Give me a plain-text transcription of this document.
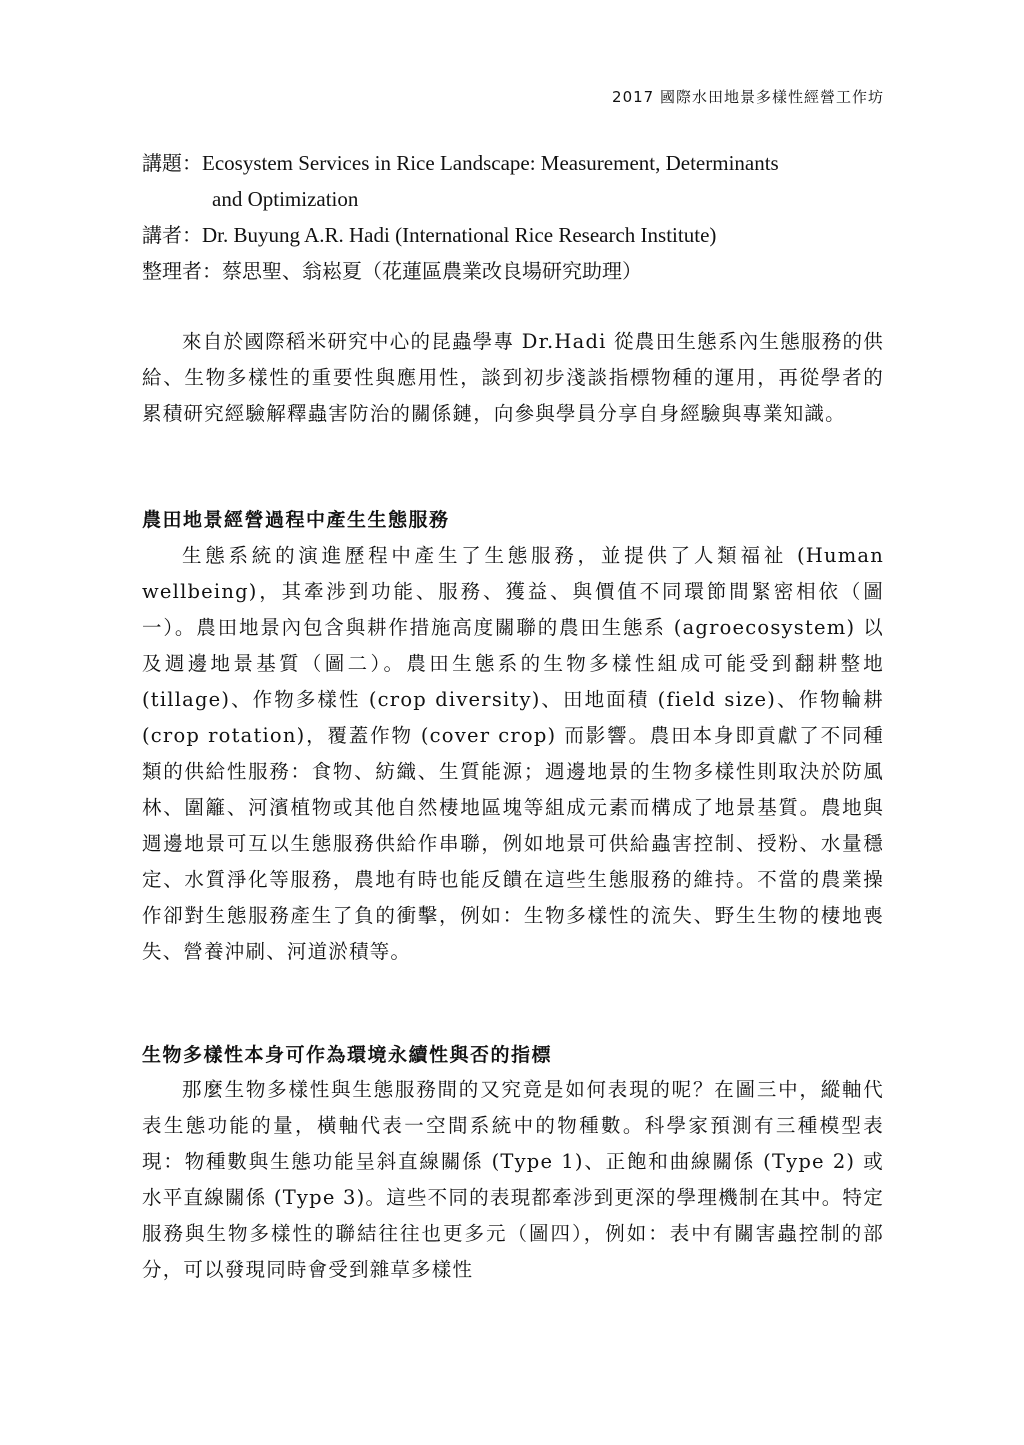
2017 國際水田地景多樣性經營工作坊
講題：Ecosystem Services in Rice Landscape: Measurement, Determinants
and Optimization
講者：Dr. Buyung A.R. Hadi (International Rice Research Institute)
整理者：蔡思聖、翁崧夏（花蓮區農業改良場研究助理）

來自於國際稻米研究中心的昆蟲學專 Dr.Hadi 從農田生態系內生態服務的供給、生物多樣性的重要性與應用性，談到初步淺談指標物種的運用，再從學者的累積研究經驗解釋蟲害防治的關係鏈，向參與學員分享自身經驗與專業知識。

農田地景經營過程中產生生態服務

生態系統的演進歷程中產生了生態服務，並提供了人類福祉 (Human wellbeing)，其牽涉到功能、服務、獲益、與價值不同環節間緊密相依（圖一）。農田地景內包含與耕作措施高度關聯的農田生態系 (agroecosystem) 以及週邊地景基質（圖二）。農田生態系的生物多樣性組成可能受到翻耕整地 (tillage)、作物多樣性 (crop diversity)、田地面積 (field size)、作物輪耕 (crop rotation)，覆蓋作物 (cover crop) 而影響。農田本身即貢獻了不同種類的供給性服務：食物、紡織、生質能源；週邊地景的生物多樣性則取決於防風林、圍籬、河濱植物或其他自然棲地區塊等組成元素而構成了地景基質。農地與週邊地景可互以生態服務供給作串聯，例如地景可供給蟲害控制、授粉、水量穩定、水質淨化等服務，農地有時也能反饋在這些生態服務的維持。不當的農業操作卻對生態服務產生了負的衝擊，例如：生物多樣性的流失、野生生物的棲地喪失、營養沖刷、河道淤積等。

生物多樣性本身可作為環境永續性與否的指標

那麼生物多樣性與生態服務間的又究竟是如何表現的呢？在圖三中，縱軸代表生態功能的量，橫軸代表一空間系統中的物種數。科學家預測有三種模型表現：物種數與生態功能呈斜直線關係 (Type 1)、正飽和曲線關係 (Type 2) 或水平直線關係 (Type 3)。這些不同的表現都牽涉到更深的學理機制在其中。特定服務與生物多樣性的聯結往往也更多元（圖四），例如：表中有關害蟲控制的部分，可以發現同時會受到雜草多樣性
